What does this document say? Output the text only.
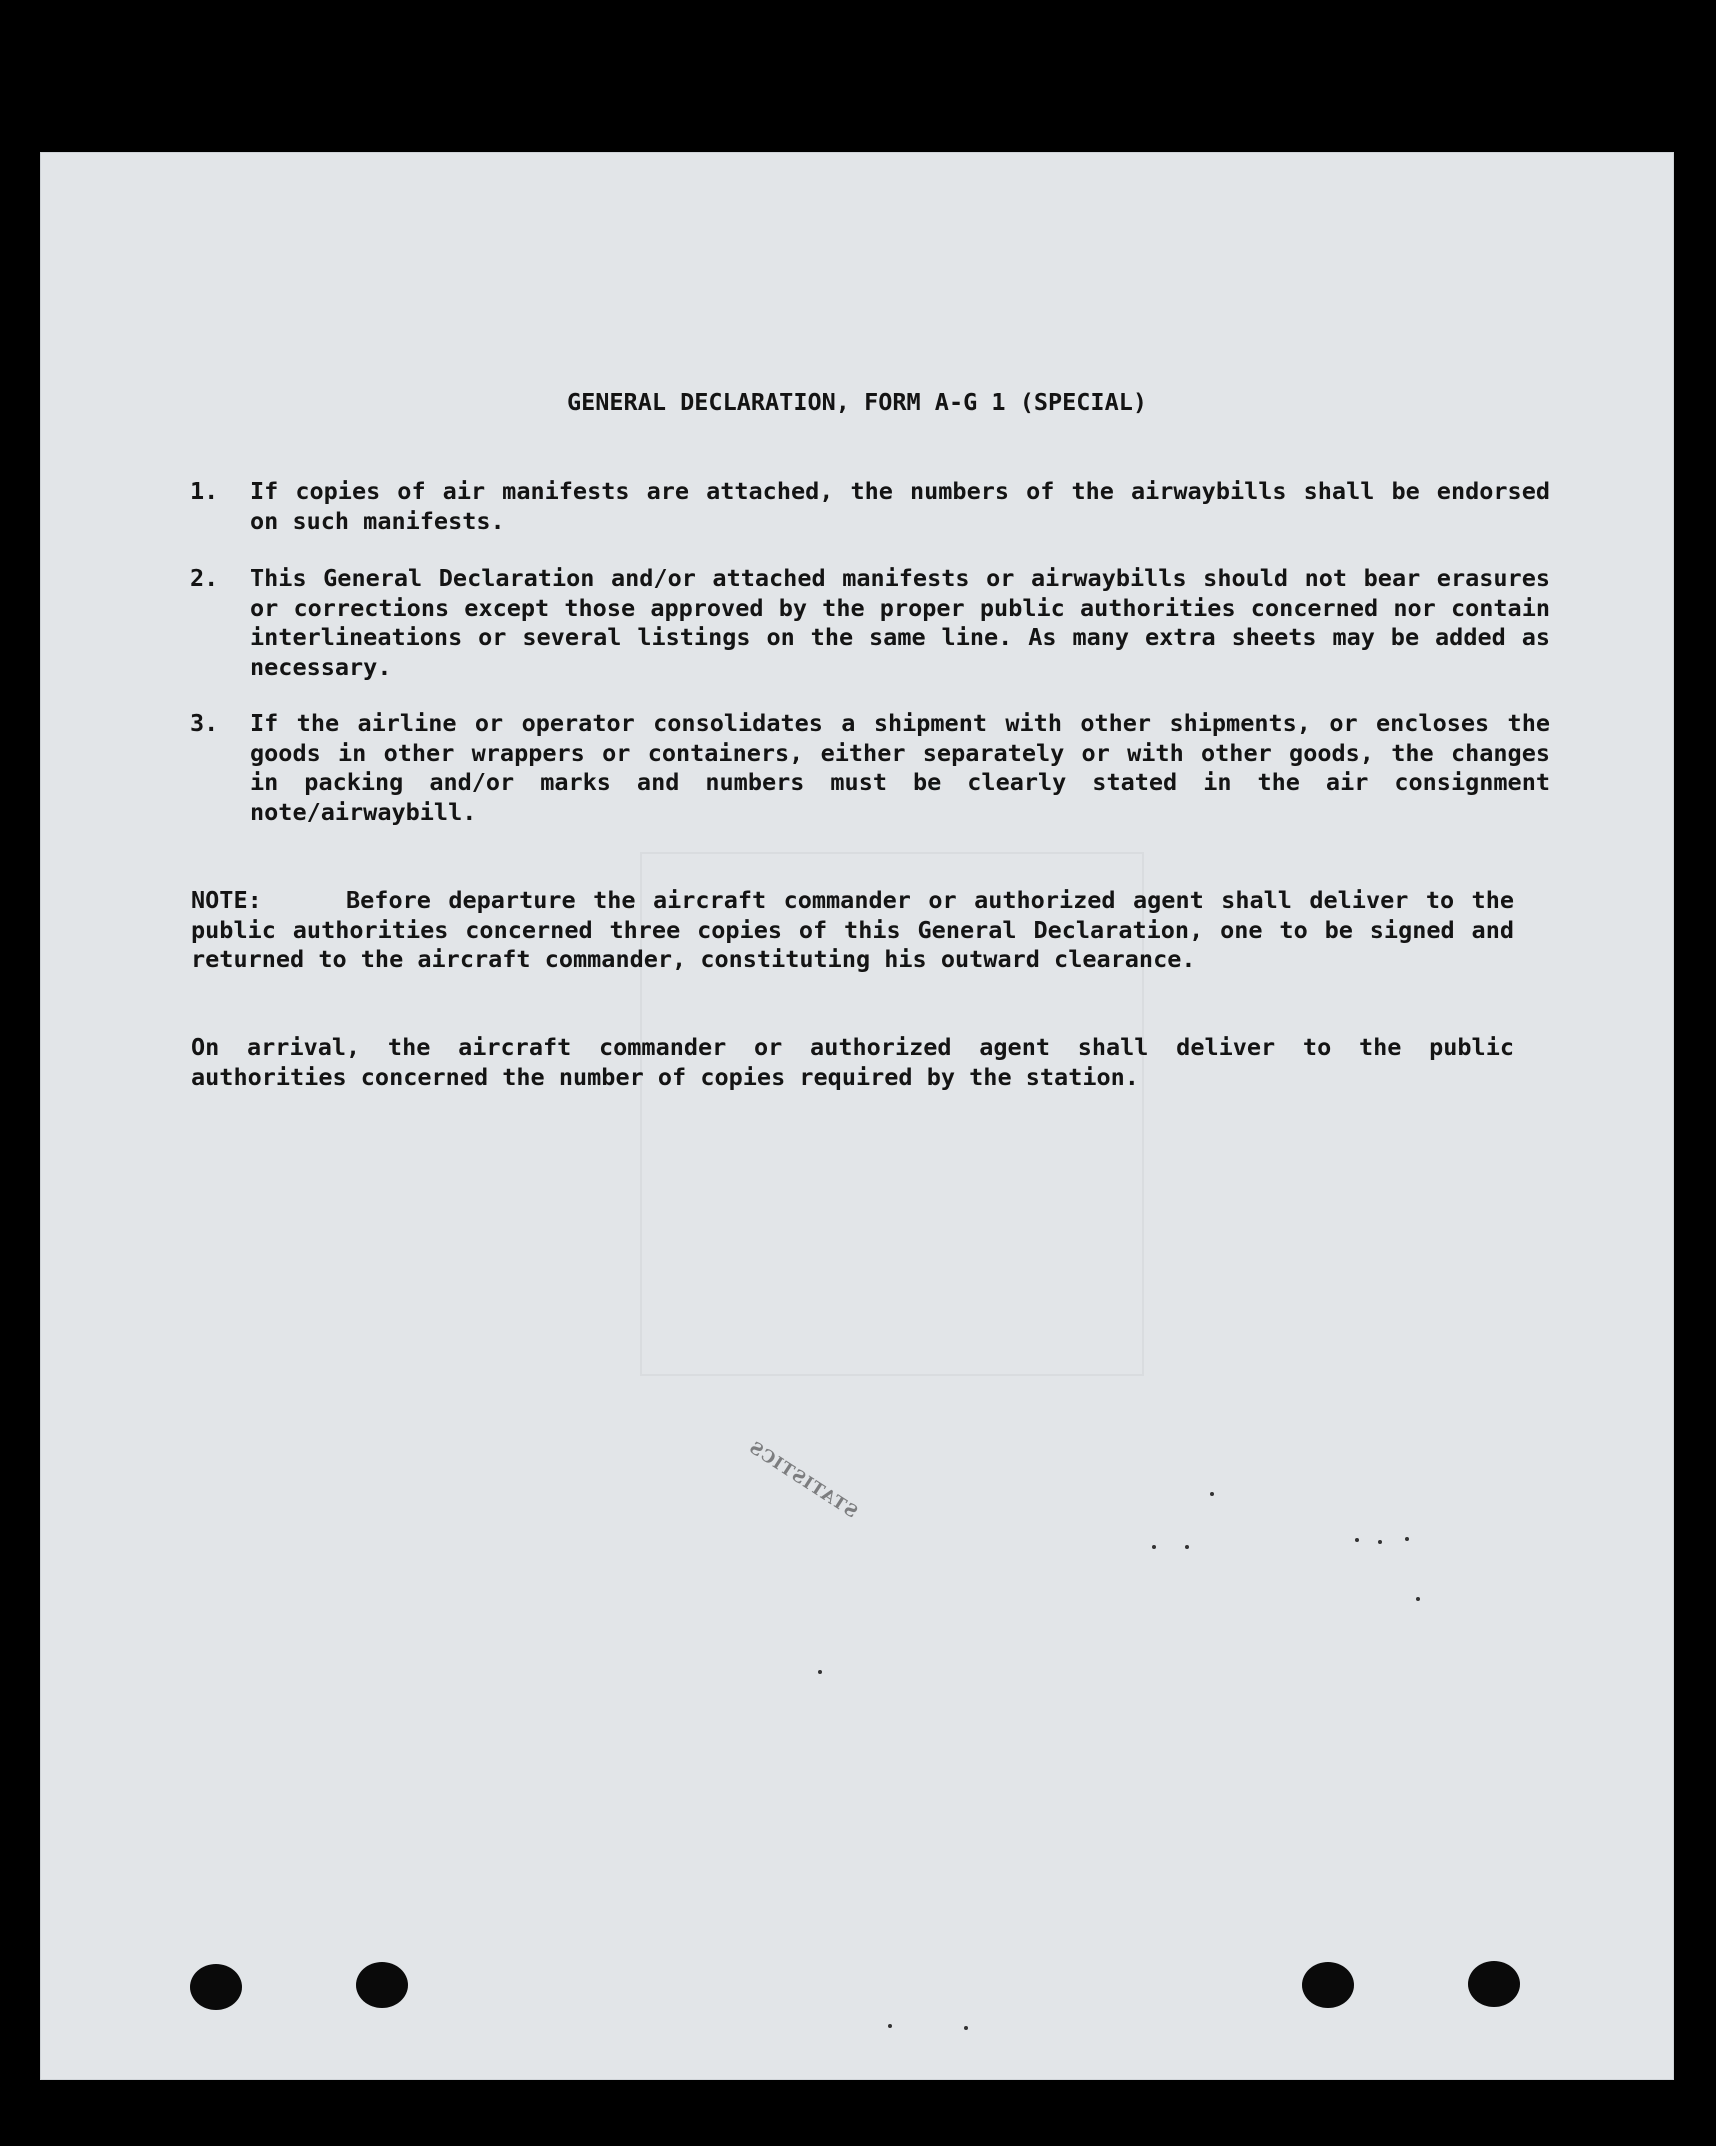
GENERAL DECLARATION, FORM A-G 1 (SPECIAL)
1.	If copies of air manifests are attached, the numbers of the airwaybills shall be endorsed on such manifests.
2.	This General Declaration and/or attached manifests or airwaybills should not bear erasures or corrections except those approved by the proper public authorities concerned nor contain interlineations or several listings on the same line. As many extra sheets may be added as necessary.
3.	If the airline or operator consolidates a shipment with other shipments, or encloses the goods in other wrappers or containers, either separately or with other goods, the changes in packing and/or marks and numbers must be clearly stated in the air consignment note/airwaybill.
NOTE:	Before departure the aircraft commander or authorized agent shall deliver to the public authorities concerned three copies of this General Declaration, one to be signed and returned to the aircraft commander, constituting his outward clearance.
On arrival, the aircraft commander or authorized agent shall deliver to the public authorities concerned the number of copies required by the station.
STATISTICS
